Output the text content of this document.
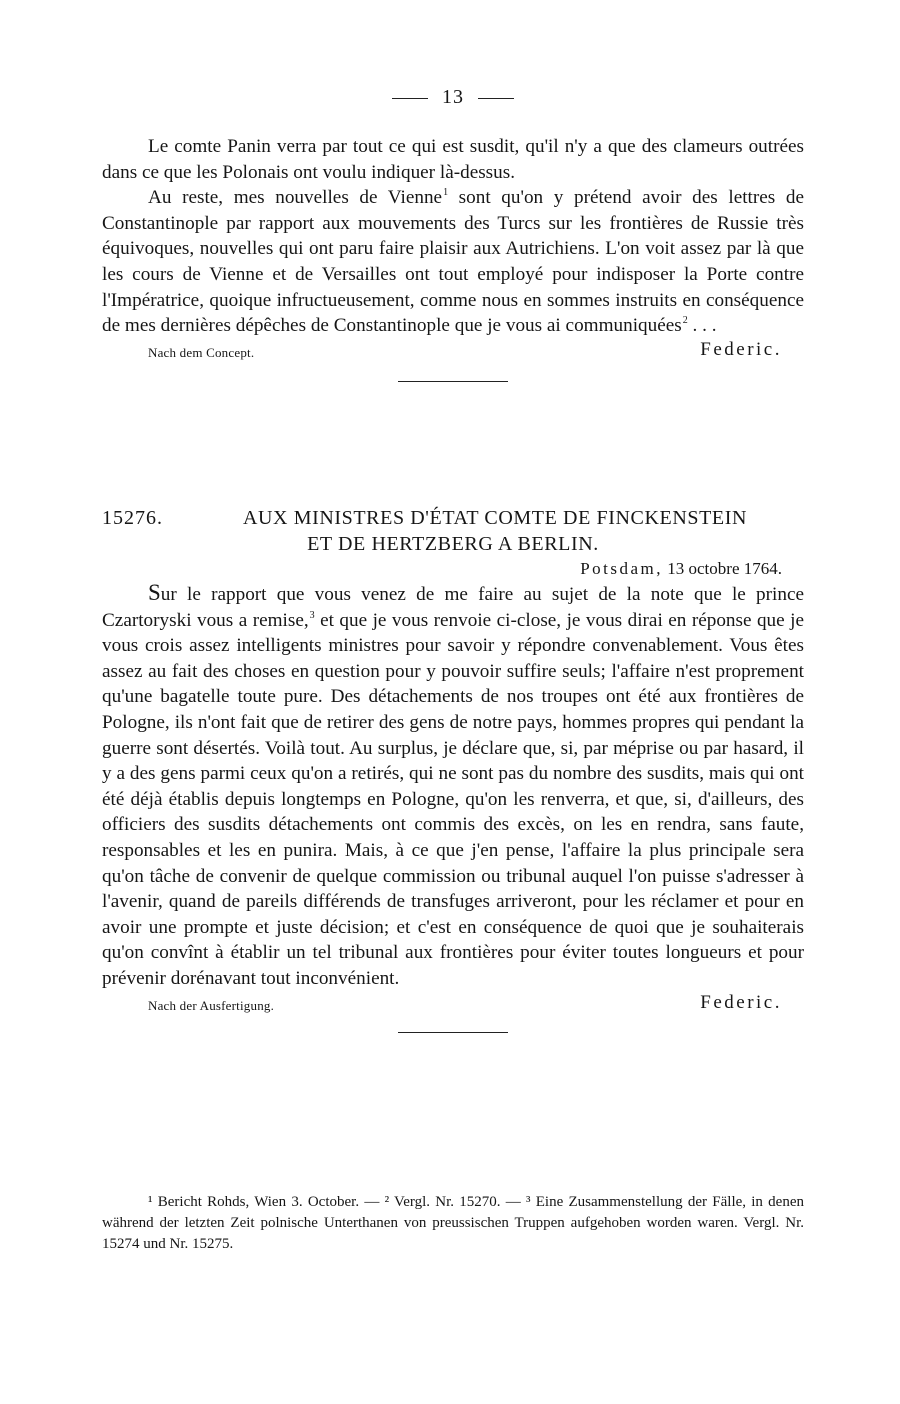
13

Le comte Panin verra par tout ce qui est susdit, qu'il n'y a que des clameurs outrées dans ce que les Polonais ont voulu indiquer là-dessus.

Au reste, mes nouvelles de Vienne$^1$ sont qu'on y prétend avoir des lettres de Constantinople par rapport aux mouvements des Turcs sur les frontières de Russie très équivoques, nouvelles qui ont paru faire plaisir aux Autrichiens. L'on voit assez par là que les cours de Vienne et de Versailles ont tout employé pour indisposer la Porte contre l'Impératrice, quoique infructueusement, comme nous en sommes instruits en conséquence de mes dernières dépêches de Constantinople que je vous ai communiquées$^2$ . . .

Nach dem Concept.	Federic.
15276.	AUX MINISTRES D'ÉTAT COMTE DE FINCKENSTEIN

ET DE HERTZBERG A BERLIN.

Potsdam, 13 octobre 1764.

Sur le rapport que vous venez de me faire au sujet de la note que le prince Czartoryski vous a remise,$^3$ et que je vous renvoie ci-close, je vous dirai en réponse que je vous crois assez intelligents ministres pour savoir y répondre convenablement. Vous êtes assez au fait des choses en question pour y pouvoir suffire seuls; l'affaire n'est proprement qu'une bagatelle toute pure. Des détachements de nos troupes ont été aux frontières de Pologne, ils n'ont fait que de retirer des gens de notre pays, hommes propres qui pendant la guerre sont désertés. Voilà tout. Au surplus, je déclare que, si, par méprise ou par hasard, il y a des gens parmi ceux qu'on a retirés, qui ne sont pas du nombre des susdits, mais qui ont été déjà établis depuis longtemps en Pologne, qu'on les renverra, et que, si, d'ailleurs, des officiers des susdits détachements ont commis des excès, on les en rendra, sans faute, responsables et les en punira. Mais, à ce que j'en pense, l'affaire la plus principale sera qu'on tâche de convenir de quelque commission ou tribunal auquel l'on puisse s'adresser à l'avenir, quand de pareils différends de transfuges arriveront, pour les réclamer et pour en avoir une prompte et juste décision; et c'est en conséquence de quoi que je souhaiterais qu'on convînt à établir un tel tribunal aux frontières pour éviter toutes longueurs et pour prévenir dorénavant tout inconvénient.

Nach der Ausfertigung.	Federic.

¹ Bericht Rohds, Wien 3. October. — ² Vergl. Nr. 15270. — ³ Eine Zusammenstellung der Fälle, in denen während der letzten Zeit polnische Unterthanen von preussischen Truppen aufgehoben worden waren. Vergl. Nr. 15274 und Nr. 15275.
